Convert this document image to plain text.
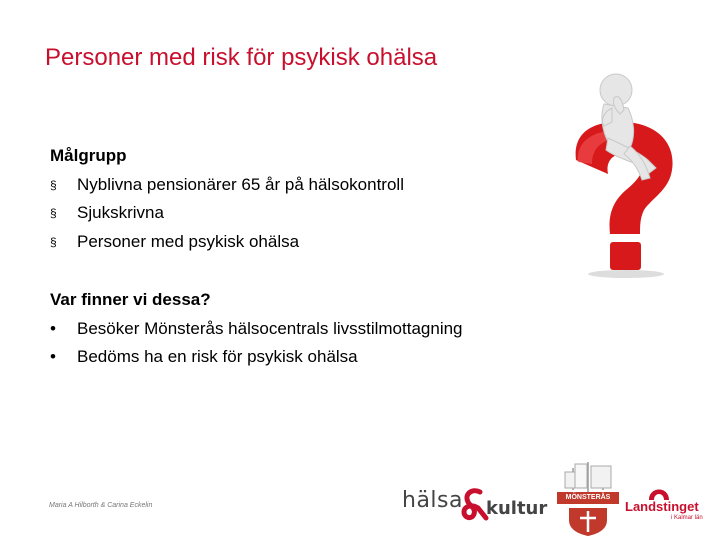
Personer med risk för psykisk ohälsa
Målgrupp
§	Nyblivna pensionärer 65 år på hälsokontroll
§	Sjukskrivna
§	Personer med psykisk ohälsa
Var finner vi dessa?
•	Besöker Mönsterås hälsocentrals livsstilmottagning
•	Bedöms ha en risk för psykisk ohälsa
Maria A Hilborth & Carina Eckelin	hälsa kultur
MÖNSTERÅS
Landstinget
i Kalmar län
